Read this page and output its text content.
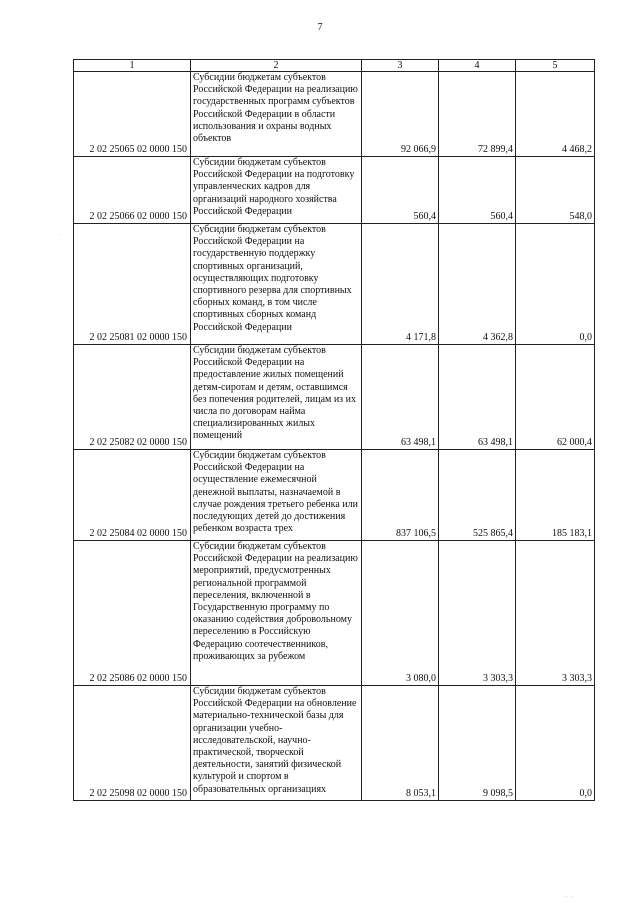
7
1	2	3	4	5
2 02 25065 02 0000 150	Субсидии бюджетам субъектов Российской Федерации на реализацию государственных программ субъектов Российской Федерации в области использования и охраны водных объектов	92 066,9	72 899,4	4 468,2
2 02 25066 02 0000 150	Субсидии бюджетам субъектов Российской Федерации на подготовку управленческих кадров для организаций народного хозяйства Российской Федерации	560,4	560,4	548,0
2 02 25081 02 0000 150	Субсидии бюджетам субъектов Российской Федерации на государственную поддержку спортивных организаций, осуществляющих подготовку спортивного резерва для спортивных сборных команд, в том числе спортивных сборных команд Российской Федерации	4 171,8	4 362,8	0,0
2 02 25082 02 0000 150	Субсидии бюджетам субъектов Российской Федерации на предоставление жилых помещений детям-сиротам и детям, оставшимся без попечения родителей, лицам из их числа по договорам найма специализированных жилых помещений	63 498,1	63 498,1	62 000,4
2 02 25084 02 0000 150	Субсидии бюджетам субъектов Российской Федерации на осуществление ежемесячной денежной выплаты, назначаемой в случае рождения третьего ребенка или последующих детей до достижения ребенком возраста трех	837 106,5	525 865,4	185 183,1
2 02 25086 02 0000 150	Субсидии бюджетам субъектов Российской Федерации на реализацию мероприятий, предусмотренных региональной программой переселения, включенной в Государственную программу по оказанию содействия добровольному переселению в Российскую Федерацию соотечественников, проживающих за рубежом	3 080,0	3 303,3	3 303,3
2 02 25098 02 0000 150	Субсидии бюджетам субъектов Российской Федерации на обновление материально-технической базы для организации учебно-исследовательской, научно-практической, творческой деятельности, занятий физической культурой и спортом в образовательных организациях	8 053,1	9 098,5	0,0
·
· ·
